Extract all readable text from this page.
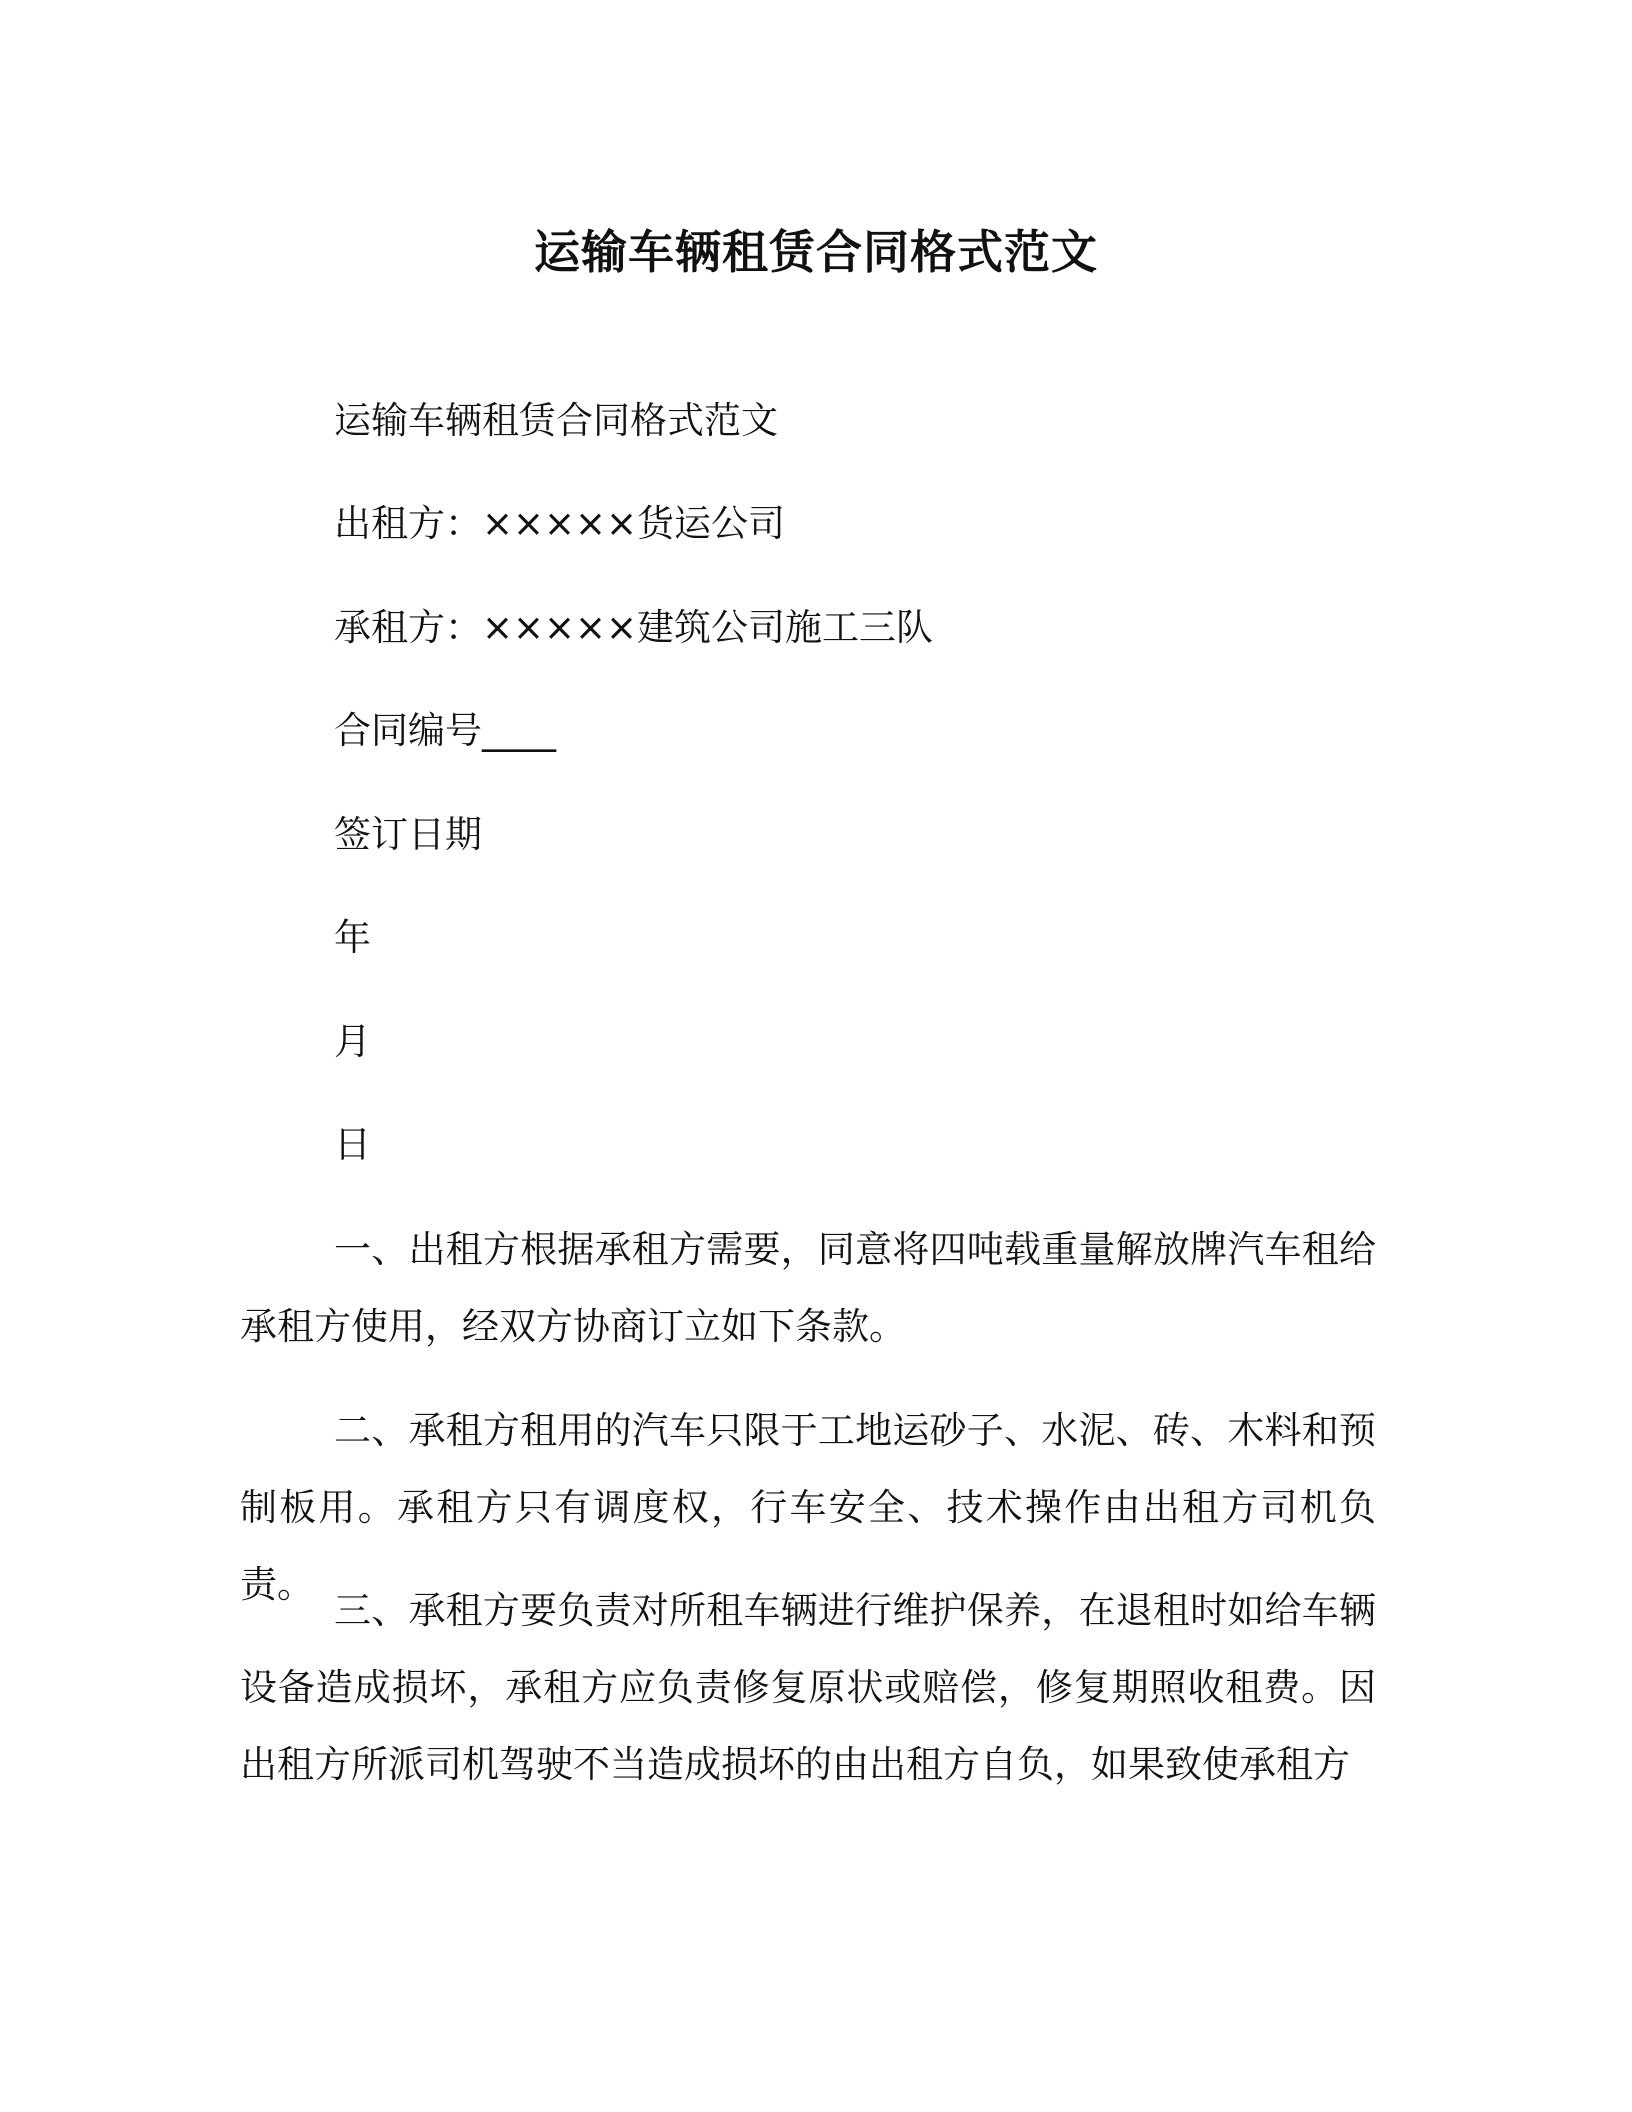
运输车辆租赁合同格式范文
运输车辆租赁合同格式范文
出租方：×××××货运公司
承租方：×××××建筑公司施工三队
合同编号____
签订日期
年
月
日

一、出租方根据承租方需要，同意将四吨载重量解放牌汽车租给承租方使用，经双方协商订立如下条款。

二、承租方租用的汽车只限于工地运砂子、水泥、砖、木料和预制板用。承租方只有调度权，行车安全、技术操作由出租方司机负责。

三、承租方要负责对所租车辆进行维护保养，在退租时如给车辆设备造成损坏，承租方应负责修复原状或赔偿，修复期照收租费。因出租方所派司机驾驶不当造成损坏的由出租方自负，如果致使承租方
